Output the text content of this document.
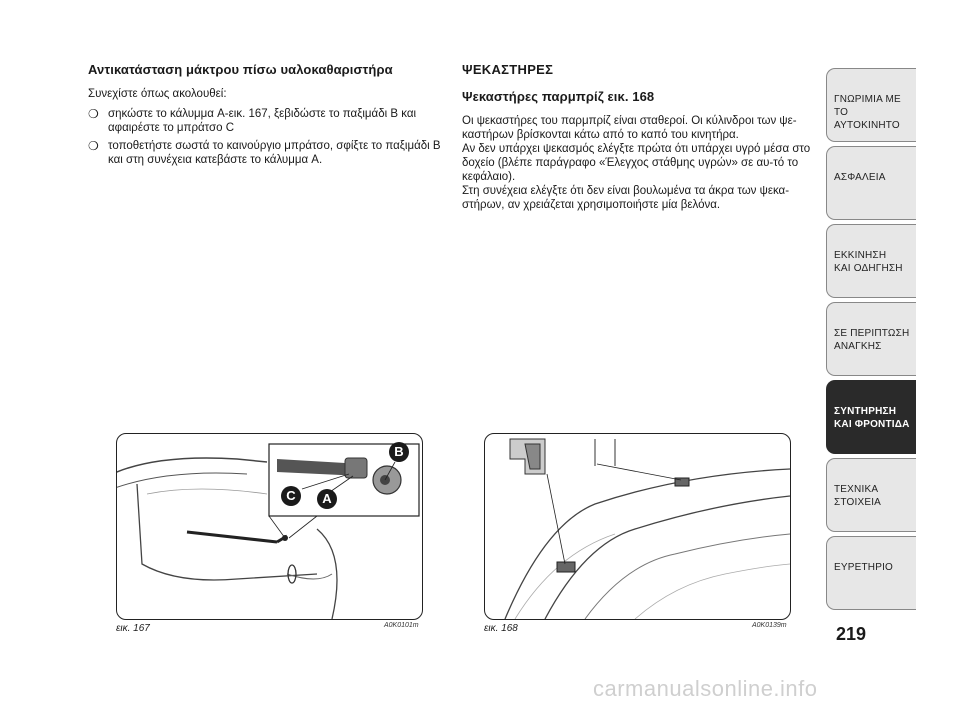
Αντικατάσταση μάκτρου πίσω υαλοκαθαριστήρα

Συνεχίστε όπως ακολουθεί:

❍ σηκώστε το κάλυμμα A-εικ. 167, ξεβιδώστε το παξιμάδι B και αφαιρέστε το μπράτσο C
❍ τοποθετήστε σωστά το καινούργιο μπράτσο, σφίξτε το παξιμάδι B και στη συνέχεια κατεβάστε το κάλυμμα A.
ΨΕΚΑΣΤΗΡΕΣ
Ψεκαστήρες παρμπρίζ εικ. 168

Οι ψεκαστήρες του παρμπρίζ είναι σταθεροί. Οι κύλινδροι των ψε-καστήρων βρίσκονται κάτω από το καπό του κινητήρα.

Αν δεν υπάρχει ψεκασμός ελέγξτε πρώτα ότι υπάρχει υγρό μέσα στο δοχείο (βλέπε παράγραφο «Έλεγχος στάθμης υγρών» σε αυ-τό το κεφάλαιο).

Στη συνέχεια ελέγξτε ότι δεν είναι βουλωμένα τα άκρα των ψεκα-στήρων, αν χρειάζεται χρησιμοποιήστε μία βελόνα.

B
C	A
εικ. 167	A0K0101m	εικ. 168	A0K0139m
ΓΝΩΡΙΜΙΑ ΜΕ ΤΟ
ΑΥΤΟΚΙΝΗΤΟ
ΑΣΦΑΛΕΙΑ
ΕΚΚΙΝΗΣΗ
ΚΑΙ ΟΔΗΓΗΣΗ
ΣΕ ΠΕΡΙΠΤΩΣΗ
ΑΝΑΓΚΗΣ
ΣΥΝΤΗΡΗΣΗ
ΚΑΙ ΦΡΟΝΤΙΔΑ
ΤΕΧΝΙΚΑ
ΣΤΟΙΧΕΙΑ
ΕΥΡΕΤΗΡΙΟ
219
carmanualsonline.info
